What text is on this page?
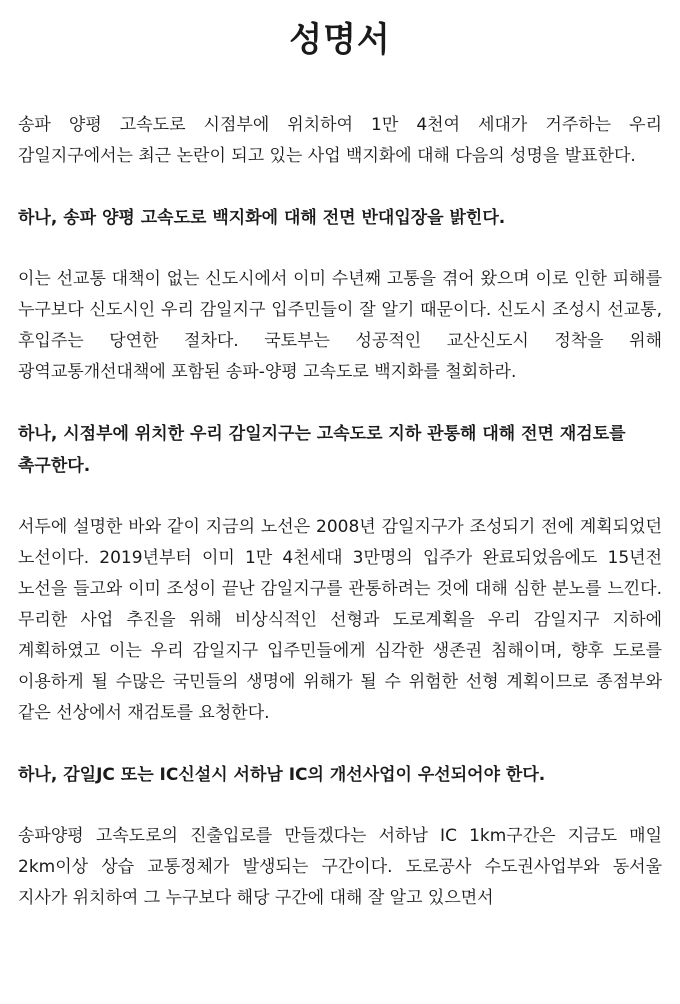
성명서

송파 양평 고속도로 시점부에 위치하여 1만 4천여 세대가 거주하는 우리 감일지구에서는 최근 논란이 되고 있는 사업 백지화에 대해 다음의 성명을 발표한다.

하나, 송파 양평 고속도로 백지화에 대해 전면 반대입장을 밝힌다.

이는 선교통 대책이 없는 신도시에서 이미 수년째 고통을 겪어 왔으며 이로 인한 피해를 누구보다 신도시인 우리 감일지구 입주민들이 잘 알기 때문이다. 신도시 조성시 선교통, 후입주는 당연한 절차다. 국토부는 성공적인 교산신도시 정착을 위해 광역교통개선대책에 포함된 송파-양평 고속도로 백지화를 철회하라.

하나, 시점부에 위치한 우리 감일지구는 고속도로 지하 관통해 대해 전면 재검토를 촉구한다.

서두에 설명한 바와 같이 지금의 노선은 2008년 감일지구가 조성되기 전에 계획되었던 노선이다. 2019년부터 이미 1만 4천세대 3만명의 입주가 완료되었음에도 15년전 노선을 들고와 이미 조성이 끝난 감일지구를 관통하려는 것에 대해 심한 분노를 느낀다. 무리한 사업 추진을 위해 비상식적인 선형과 도로계획을 우리 감일지구 지하에 계획하였고 이는 우리 감일지구 입주민들에게 심각한 생존권 침해이며, 향후 도로를 이용하게 될 수많은 국민들의 생명에 위해가 될 수 위험한 선형 계획이므로 종점부와 같은 선상에서 재검토를 요청한다.

하나, 감일JC 또는 IC신설시 서하남 IC의 개선사업이 우선되어야 한다.

송파양평 고속도로의 진출입로를 만들겠다는 서하남 IC 1km구간은 지금도 매일 2km이상 상습 교통정체가 발생되는 구간이다. 도로공사 수도권사업부와 동서울 지사가 위치하여 그 누구보다 해당 구간에 대해 잘 알고 있으면서
